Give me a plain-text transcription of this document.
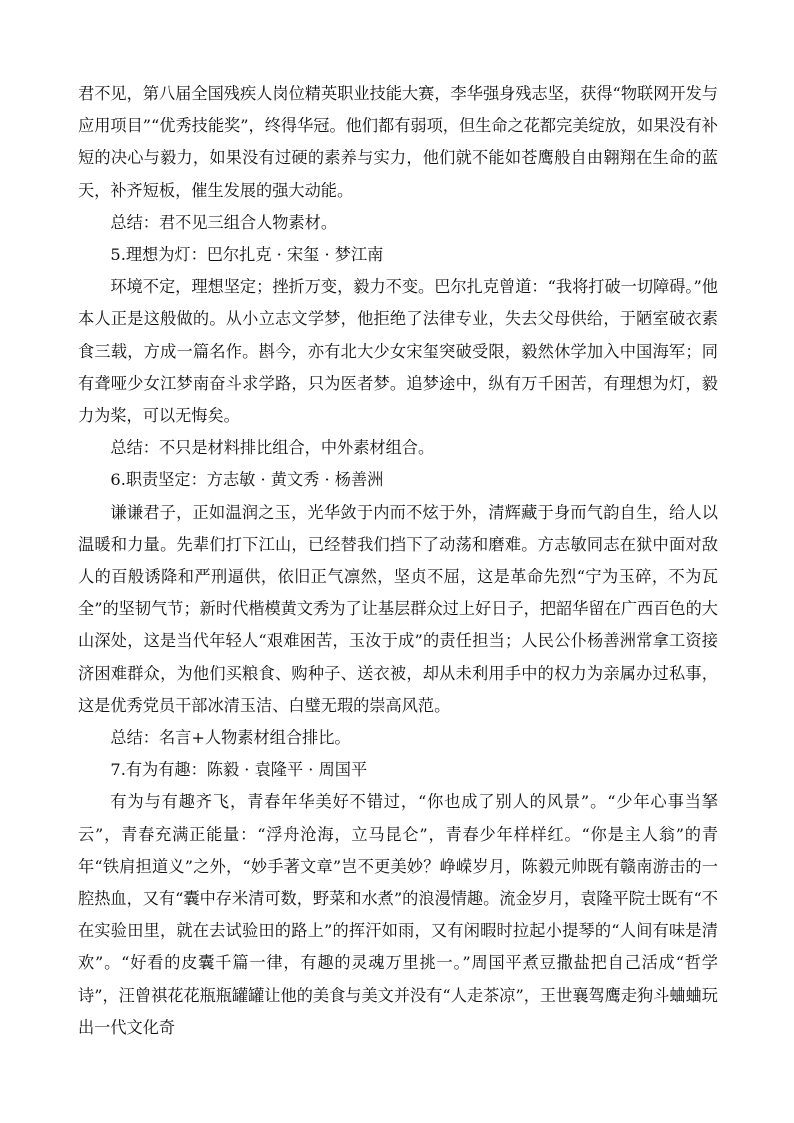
君不见，第八届全国残疾人岗位精英职业技能大赛，李华强身残志坚，获得“物联网开发与应用项目”“优秀技能奖”，终得华冠。他们都有弱项，但生命之花都完美绽放，如果没有补短的决心与毅力，如果没有过硬的素养与实力，他们就不能如苍鹰般自由翱翔在生命的蓝天，补齐短板，催生发展的强大动能。

总结：君不见三组合人物素材。

5.理想为灯：巴尔扎克 · 宋玺 · 梦江南

环境不定，理想坚定；挫折万变，毅力不变。巴尔扎克曾道：“我将打破一切障碍。”他本人正是这般做的。从小立志文学梦，他拒绝了法律专业，失去父母供给，于陋室破衣素食三载，方成一篇名作。斟今，亦有北大少女宋玺突破受限，毅然休学加入中国海军；同有聋哑少女江梦南奋斗求学路，只为医者梦。追梦途中，纵有万千困苦，有理想为灯，毅力为桨，可以无悔矣。

总结：不只是材料排比组合，中外素材组合。

6.职责坚定：方志敏 · 黄文秀 · 杨善洲

谦谦君子，正如温润之玉，光华敛于内而不炫于外，清辉藏于身而气韵自生，给人以温暖和力量。先辈们打下江山，已经替我们挡下了动荡和磨难。方志敏同志在狱中面对敌人的百般诱降和严刑逼供，依旧正气凛然，坚贞不屈，这是革命先烈“宁为玉碎，不为瓦全”的坚韧气节；新时代楷模黄文秀为了让基层群众过上好日子，把韶华留在广西百色的大山深处，这是当代年轻人“艰难困苦，玉汝于成”的责任担当；人民公仆杨善洲常拿工资接济困难群众，为他们买粮食、购种子、送衣被，却从未利用手中的权力为亲属办过私事，这是优秀党员干部冰清玉洁、白璧无瑕的崇高风范。

总结：名言+人物素材组合排比。

7.有为有趣：陈毅 · 袁隆平 · 周国平

有为与有趣齐飞，青春年华美好不错过，“你也成了别人的风景”。“少年心事当拏云”，青春充满正能量：“浮舟沧海，立马昆仑”，青春少年样样红。“你是主人翁”的青年“铁肩担道义”之外，“妙手著文章”岂不更美妙？峥嵘岁月，陈毅元帅既有赣南游击的一腔热血，又有“囊中存米清可数，野菜和水煮”的浪漫情趣。流金岁月，袁隆平院士既有“不在实验田里，就在去试验田的路上”的挥汗如雨，又有闲暇时拉起小提琴的“人间有味是清欢”。“好看的皮囊千篇一律，有趣的灵魂万里挑一。”周国平煮豆撒盐把自己活成“哲学诗”，汪曾祺花花瓶瓶罐罐让他的美食与美文并没有“人走茶凉”，王世襄驾鹰走狗斗蛐蛐玩出一代文化奇
